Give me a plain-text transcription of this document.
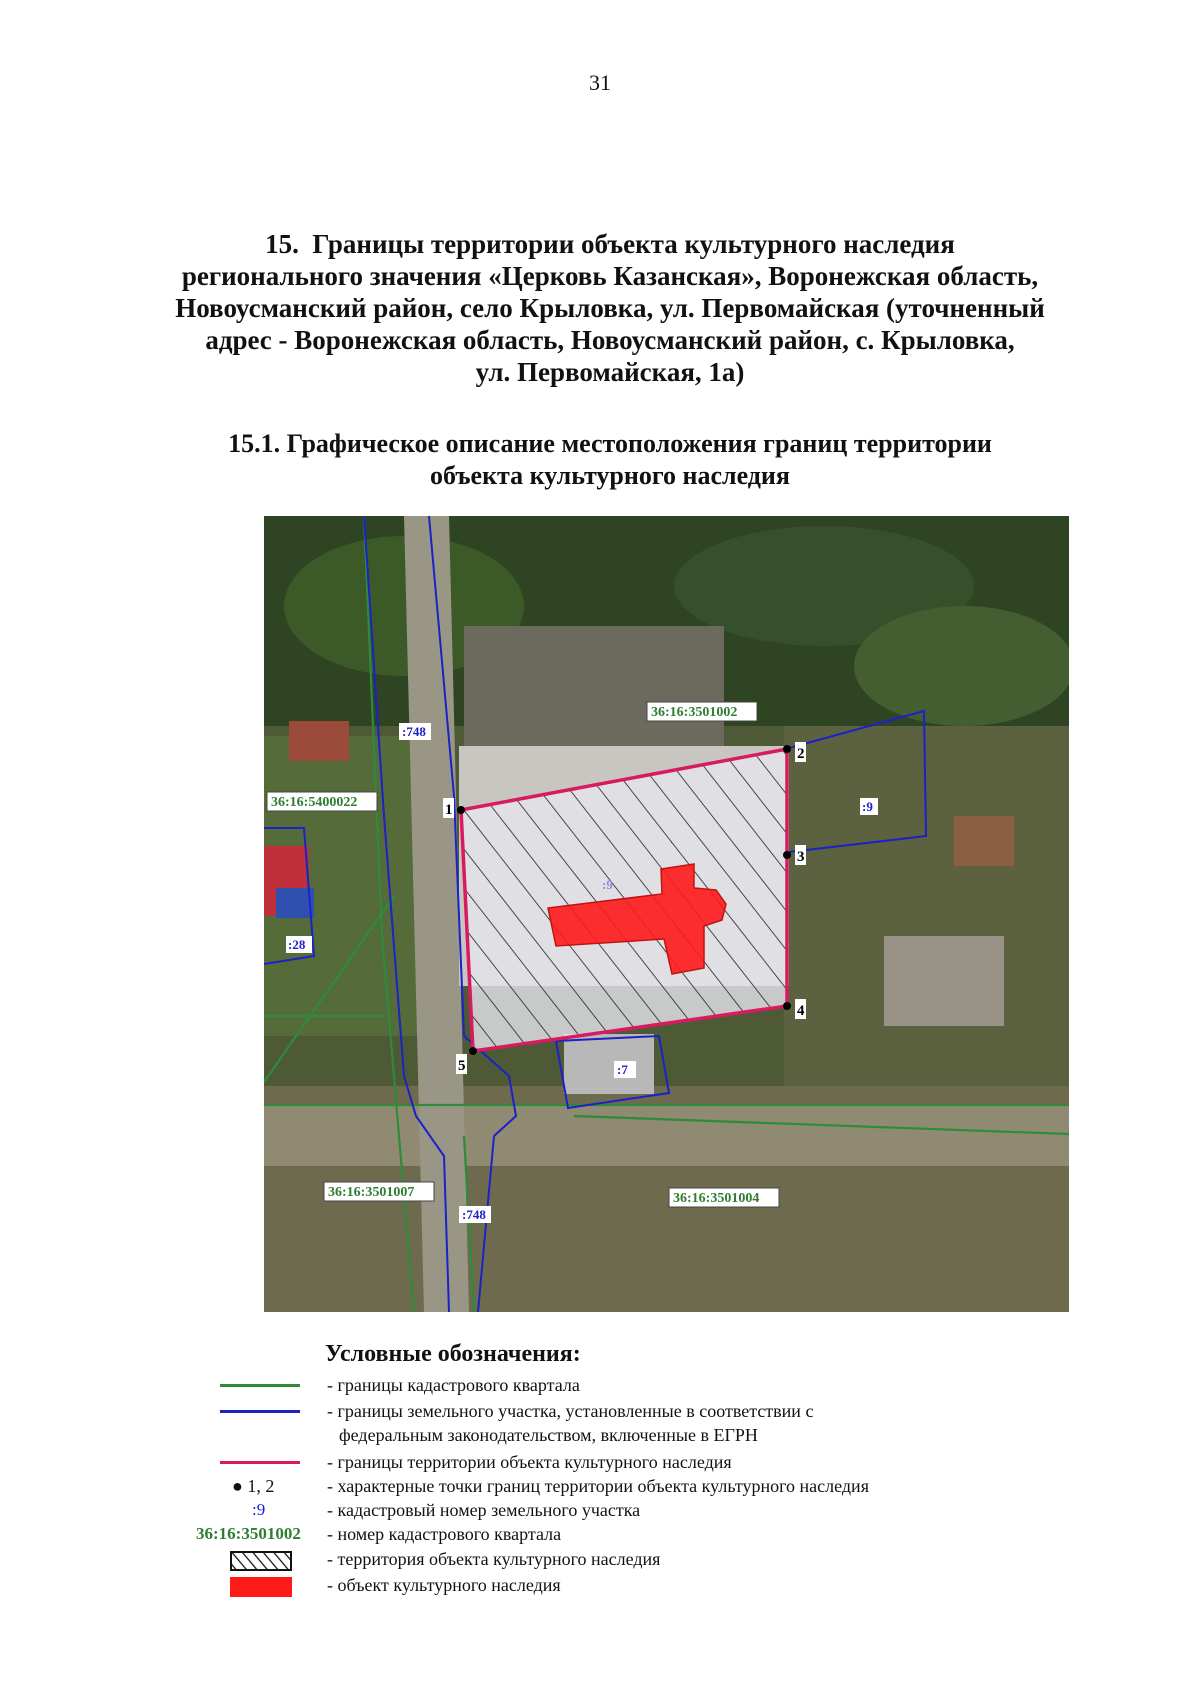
31
15. Границы территории объекта культурного наследия
регионального значения «Церковь Казанская», Воронежская область,
Новоусманский район, село Крыловка, ул. Первомайская (уточненный
адрес - Воронежская область, Новоусманский район, с. Крыловка,
ул. Первомайская, 1а)
15.1. Графическое описание местоположения границ территории
объекта культурного наследия
1
2
3
4
5
36:16:3501002
36:16:5400022
36:16:3501007	36:16:3501004
:748
:748
:9
:9
:28
:7
Условные обозначения:
- границы кадастрового квартала
- границы земельного участка, установленные в соответствии с
федеральным законодательством, включенные в ЕГРН
- границы территории объекта культурного наследия
● 1, 2	- характерные точки границ территории объекта культурного наследия
:9	- кадастровый номер земельного участка
36:16:3501002 - номер кадастрового квартала
- территория объекта культурного наследия
- объект культурного наследия
